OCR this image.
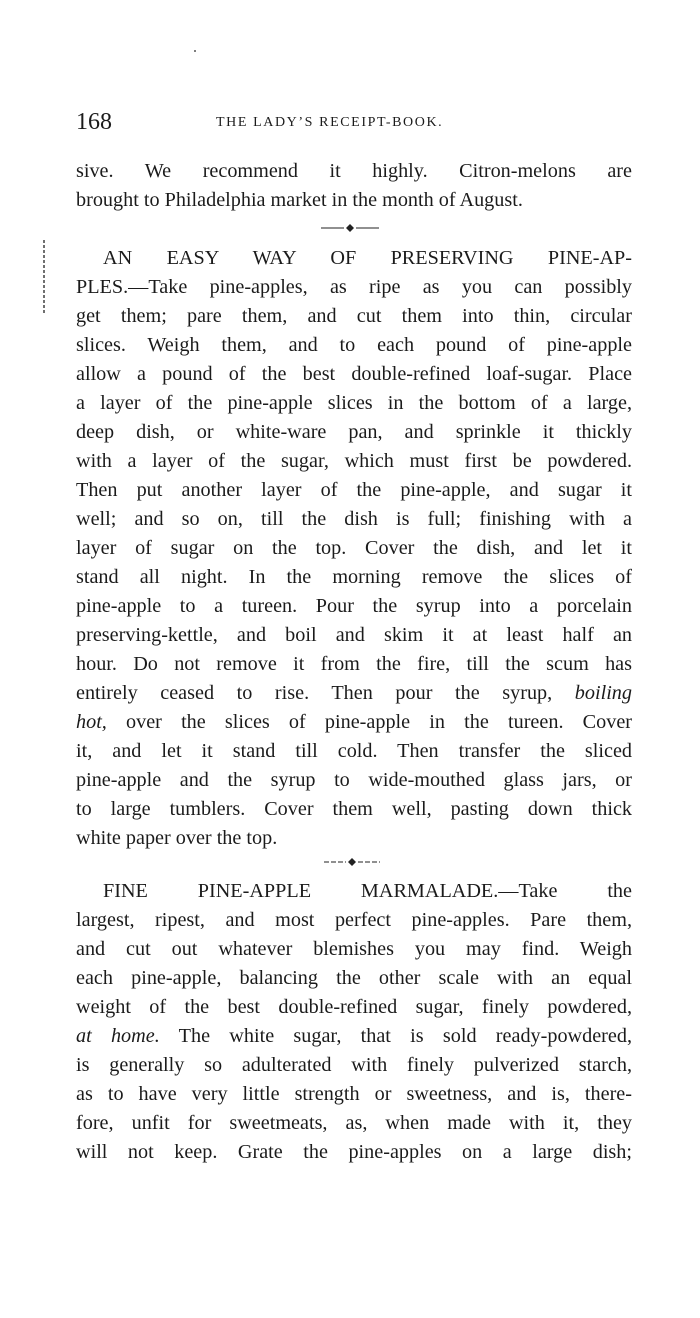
168	THE LADY’S RECEIPT-BOOK.
sive. We recommend it highly. Citron-melons are
brought to Philadelphia market in the month of August.
AN EASY WAY OF PRESERVING PINE-AP-
PLES.—Take pine-apples, as ripe as you can possibly
get them; pare them, and cut them into thin, circular
slices. Weigh them, and to each pound of pine-apple
allow a pound of the best double-refined loaf-sugar. Place
a layer of the pine-apple slices in the bottom of a large,
deep dish, or white-ware pan, and sprinkle it thickly
with a layer of the sugar, which must first be powdered.
Then put another layer of the pine-apple, and sugar it
well; and so on, till the dish is full; finishing with a
layer of sugar on the top. Cover the dish, and let it
stand all night. In the morning remove the slices of
pine-apple to a tureen. Pour the syrup into a porcelain
preserving-kettle, and boil and skim it at least half an
hour. Do not remove it from the fire, till the scum has
entirely ceased to rise. Then pour the syrup, boiling
hot, over the slices of pine-apple in the tureen. Cover
it, and let it stand till cold. Then transfer the sliced
pine-apple and the syrup to wide-mouthed glass jars, or
to large tumblers. Cover them well, pasting down thick
white paper over the top.
FINE PINE-APPLE MARMALADE.—Take the
largest, ripest, and most perfect pine-apples. Pare them,
and cut out whatever blemishes you may find. Weigh
each pine-apple, balancing the other scale with an equal
weight of the best double-refined sugar, finely powdered,
at home. The white sugar, that is sold ready-powdered,
is generally so adulterated with finely pulverized starch,
as to have very little strength or sweetness, and is, there-
fore, unfit for sweetmeats, as, when made with it, they
will not keep. Grate the pine-apples on a large dish;
